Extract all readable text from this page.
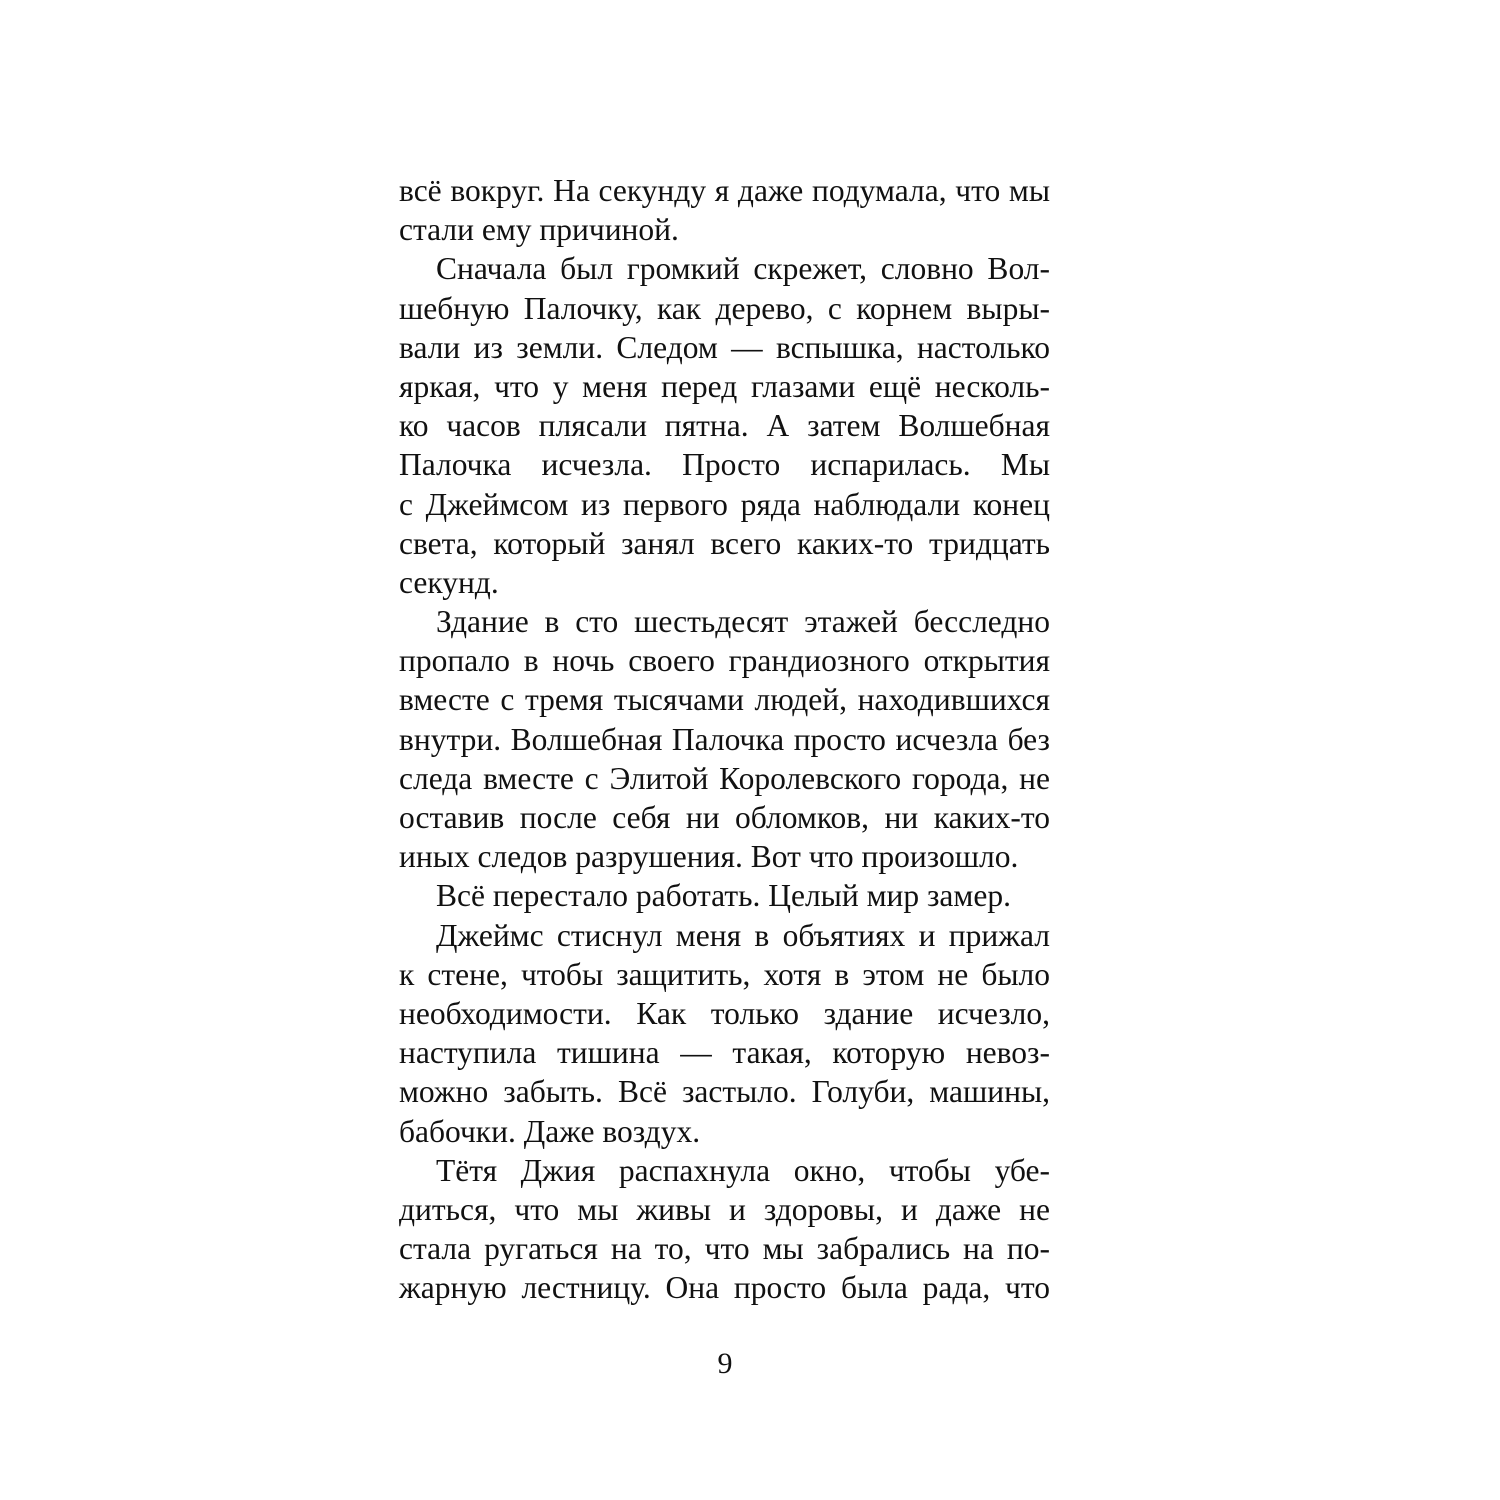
всё вокруг. На секунду я даже подумала, что мы
стали ему причиной.
Сначала был громкий скрежет, словно Вол-
шебную Палочку, как дерево, с корнем выры-
вали из земли. Следом — вспышка, настолько
яркая, что у меня перед глазами ещё несколь-
ко часов плясали пятна. А затем Волшебная
Палочка исчезла. Просто испарилась. Мы
с Джеймсом из первого ряда наблюдали конец
света, который занял всего каких-то тридцать
секунд.
Здание в сто шестьдесят этажей бесследно
пропало в ночь своего грандиозного открытия
вместе с тремя тысячами людей, находившихся
внутри. Волшебная Палочка просто исчезла без
следа вместе с Элитой Королевского города, не
оставив после себя ни обломков, ни каких-то
иных следов разрушения. Вот что произошло.
Всё перестало работать. Целый мир замер.
Джеймс стиснул меня в объятиях и прижал
к стене, чтобы защитить, хотя в этом не было
необходимости. Как только здание исчезло,
наступила тишина — такая, которую невоз-
можно забыть. Всё застыло. Голуби, машины,
бабочки. Даже воздух.
Тётя Джия распахнула окно, чтобы убе-
диться, что мы живы и здоровы, и даже не
стала ругаться на то, что мы забрались на по-
жарную лестницу. Она просто была рада, что
9
